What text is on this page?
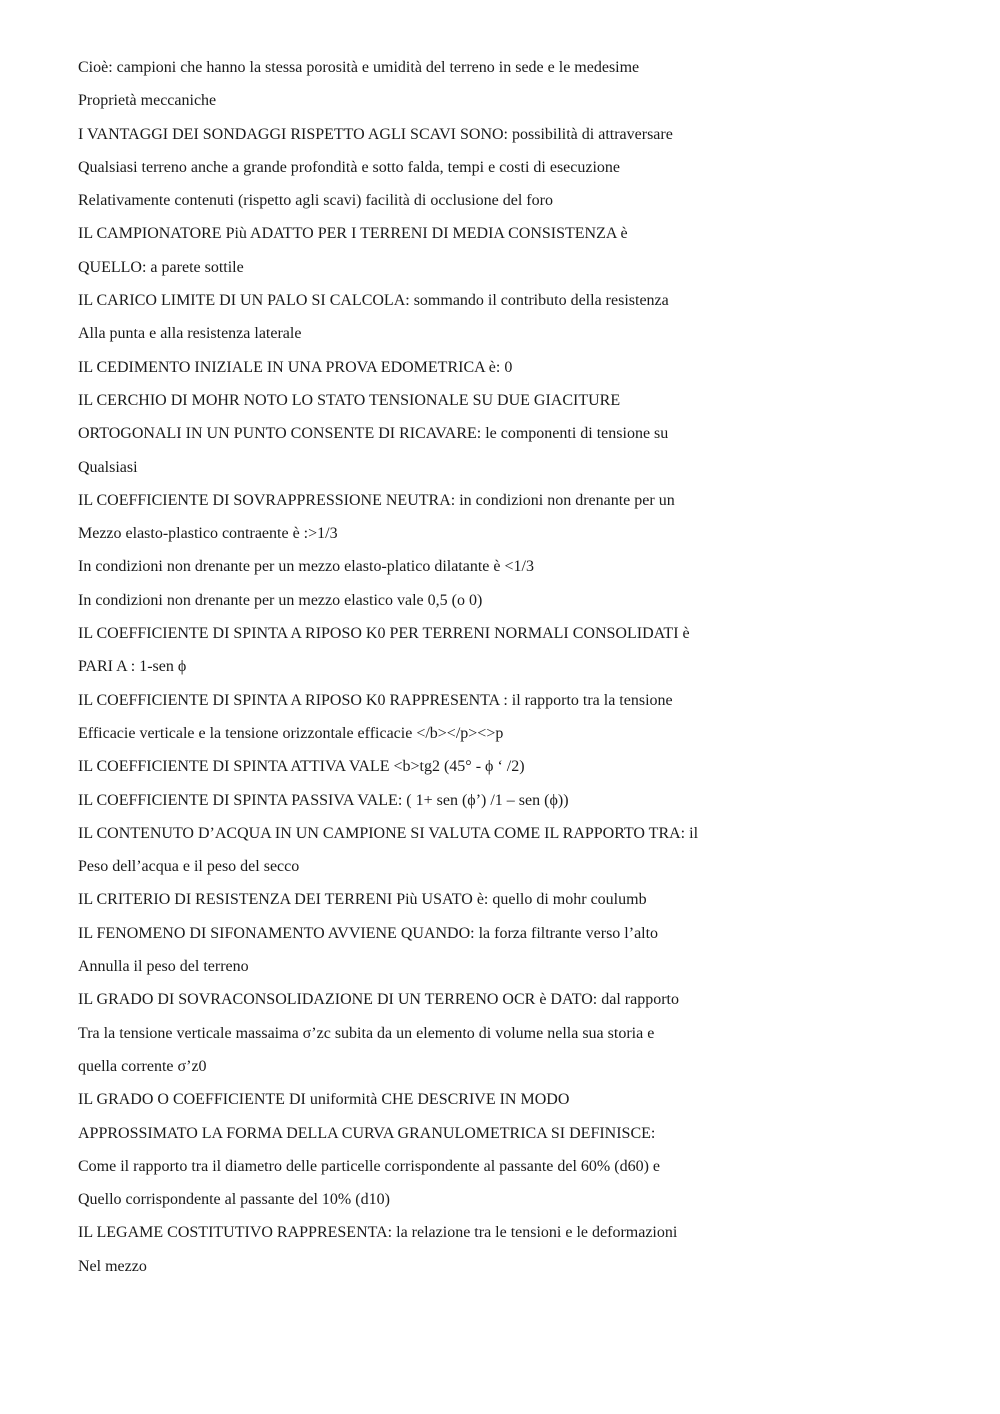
Cioè: campioni che hanno la stessa porosità e umidità del terreno in sede e le medesime
Proprietà meccaniche
I VANTAGGI DEI SONDAGGI RISPETTO AGLI SCAVI SONO: possibilità di attraversare
Qualsiasi terreno anche a grande profondità e sotto falda, tempi e costi di esecuzione
Relativamente contenuti (rispetto agli scavi) facilità di occlusione del foro
IL CAMPIONATORE Più ADATTO PER I TERRENI DI MEDIA CONSISTENZA è
QUELLO: a parete sottile
IL CARICO LIMITE DI UN PALO SI CALCOLA: sommando il contributo della resistenza
Alla punta e alla resistenza laterale
IL CEDIMENTO INIZIALE IN UNA PROVA EDOMETRICA è: 0
IL CERCHIO DI MOHR NOTO LO STATO TENSIONALE SU DUE GIACITURE
ORTOGONALI IN UN PUNTO CONSENTE DI RICAVARE: le componenti di tensione su
Qualsiasi
IL COEFFICIENTE DI SOVRAPPRESSIONE NEUTRA: in condizioni non drenante per un
Mezzo elasto-plastico contraente è :>1/3
In condizioni non drenante per un mezzo elasto-platico dilatante è <1/3
In condizioni non drenante per un mezzo elastico vale 0,5 (o 0)
IL COEFFICIENTE DI SPINTA A RIPOSO K0 PER TERRENI NORMALI CONSOLIDATI è
PARI A : 1-sen ϕ
IL COEFFICIENTE DI SPINTA A RIPOSO K0 RAPPRESENTA : il rapporto tra la tensione
Efficacie verticale e la tensione orizzontale efficacie </b></p><>p
IL COEFFICIENTE DI SPINTA ATTIVA VALE <b>tg2 (45° - ϕ ‘ /2)
IL COEFFICIENTE DI SPINTA PASSIVA VALE: ( 1+ sen (ϕ’) /1 – sen (ϕ))
IL CONTENUTO D’ACQUA IN UN CAMPIONE SI VALUTA COME IL RAPPORTO TRA: il
Peso dell’acqua e il peso del secco
IL CRITERIO DI RESISTENZA DEI TERRENI Più USATO è: quello di mohr coulumb
IL FENOMENO DI SIFONAMENTO AVVIENE QUANDO: la forza filtrante verso l’alto
Annulla il peso del terreno
IL GRADO DI SOVRACONSOLIDAZIONE DI UN TERRENO OCR è DATO: dal rapporto
Tra la tensione verticale massaima σ’zc subita da un elemento di volume nella sua storia e
quella corrente σ’z0
IL GRADO O COEFFICIENTE DI uniformità CHE DESCRIVE IN MODO
APPROSSIMATO LA FORMA DELLA CURVA GRANULOMETRICA SI DEFINISCE:
Come il rapporto tra il diametro delle particelle corrispondente al passante del 60% (d60) e
Quello corrispondente al passante del 10% (d10)
IL LEGAME COSTITUTIVO RAPPRESENTA: la relazione tra le tensioni e le deformazioni
Nel mezzo
